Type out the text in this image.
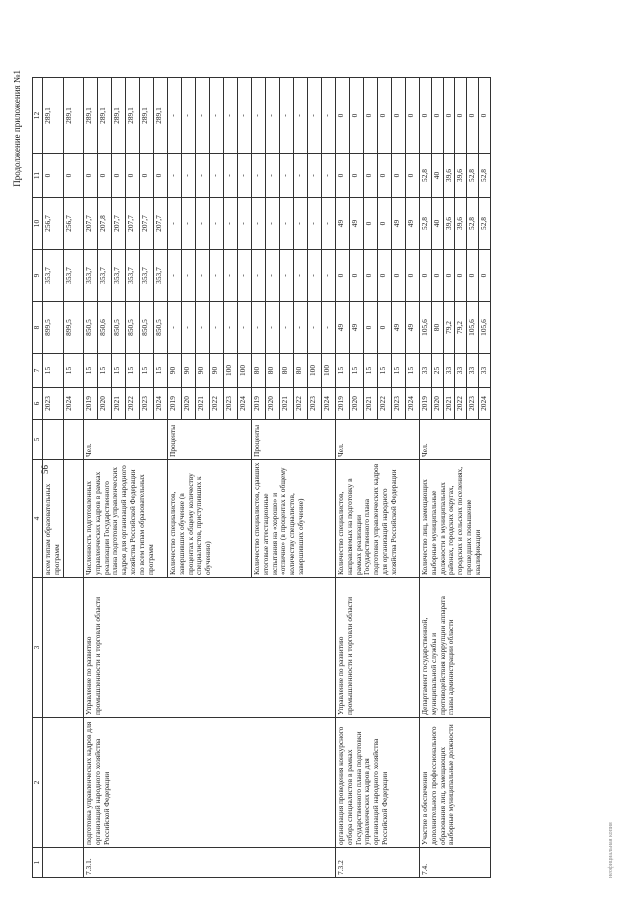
неофициальная копия
56
Продолжение приложения №1
1	2	3	4	5	6	7	8	9	10	11	12
			всем типам образовательных программ		2023	15	899,5	353,7	256,7	0	289,1
					2024	15	899,5	353,7	256,7	0	289,1
7.3.1.	подготовка управленческих кадров для организаций народного хозяйства Российской Федерации	Управление по развитию промышленности и торговли области	Численность подготовленных управленческих кадров в рамках реализации Государственного плана подготовки управленческих кадров для организаций народного хозяйства Российской Федерации по всем типам образовательных программ	Чел.	2019	15	850,5	353,7	207,7	0	289,1
					2020	15	850,6	353,7	207,8	0	289,1
					2021	15	850,5	353,7	207,7	0	289,1
					2022	15	850,5	353,7	207,7	0	289,1
					2023	15	850,5	353,7	207,7	0	289,1
					2024	15	850,5	353,7	207,7	0	289,1
			Количество специалистов, завершивших обучение (в процентах к общему количеству специалистов, приступивших к обучению)	Проценты	2019	90	-	-	-	-	-
					2020	90	-	-	-	-	-
					2021	90	-	-	-	-	-
					2022	90	-	-	-	-	-
					2023	100	-	-	-	-	-
					2024	100	-	-	-	-	-
			Количество специалистов, сдавших итоговые аттестационные испытания на «хорошо» и «отлично» (в процентах к общему количеству специалистов, завершивших обучение)	Проценты	2019	80	-	-	-	-	-
					2020	80	-	-	-	-	-
					2021	80	-	-	-	-	-
					2022	80	-	-	-	-	-
					2023	100	-	-	-	-	-
					2024	100	-	-	-	-	-
7.3.2	организация проведения конкурсного отбора специалистов в рамках Государственного плана подготовки управленческих кадров для организаций народного хозяйства Российской Федерации	Управление по развитию промышленности и торговли области	Количество специалистов, направляемых на подготовку в рамках реализации Государственного плана подготовки управленческих кадров для организаций народного хозяйства Российской Федерации	Чел.	2019	15	49	0	49	0	0
					2020	15	49	0	49	0	0
					2021	15	0	0	0	0	0
					2022	15	0	0	0	0	0
					2023	15	49	0	49	0	0
					2024	15	49	0	49	0	0
7.4.	Участие в обеспечении дополнительного профессионального образования лиц, замещающих выборные муниципальные должности	Департамент государственной, муниципальной службы и противодействия коррупции аппарата главы администрации области	Количество лиц, замещающих выборные муниципальные должности в муниципальных районах, городских округах, городских и сельских поселениях, прошедших повышение квалификации	Чел.	2019	33	105,6	0	52,8	52,8	0
					2020	25	80	0	40	40	0
					2021	33	79,2	0	39,6	39,6	0
					2022	33	79,2	0	39,6	39,6	0
					2023	33	105,6	0	52,8	52,8	0
					2024	33	105,6	0	52,8	52,8	0
